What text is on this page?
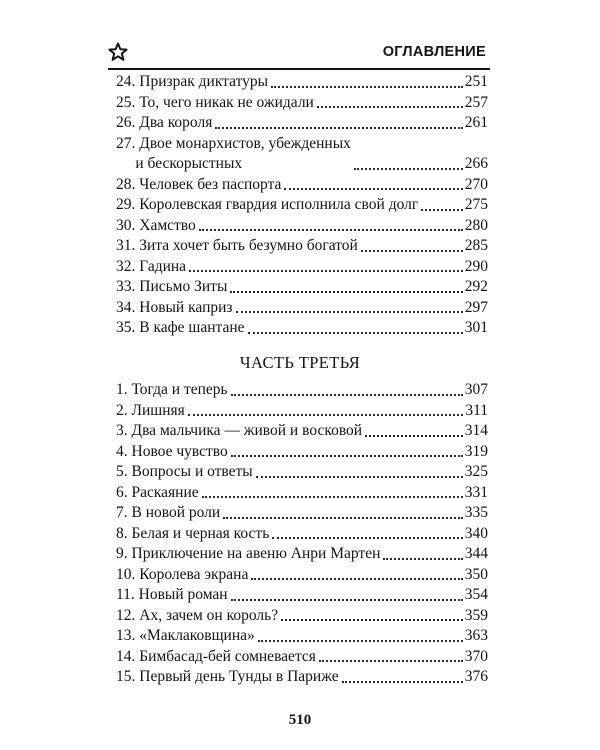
ОГЛАВЛЕНИЕ
24. Призрак диктатуры	251
25. То, чего никак не ожидали	257
26. Два короля	261
27. Двое монархистов, убежденных
и бескорыстных	266
28. Человек без паспорта	270
29. Королевская гвардия исполнила свой долг	275
30. Хамство	280
31. Зита хочет быть безумно богатой	285
32. Гадина	290
33. Письмо Зиты	292
34. Новый каприз	297
35. В кафе шантане	301
ЧАСТЬ ТРЕТЬЯ
1. Тогда и теперь	307
2. Лишняя	311
3. Два мальчика — живой и восковой	314
4. Новое чувство	319
5. Вопросы и ответы	325
6. Раскаяние	331
7. В новой роли	335
8. Белая и черная кость	340
9. Приключение на авеню Анри Мартен	344
10. Королева экрана	350
11. Новый роман	354
12. Ах, зачем он король?	359
13. «Маклаковщина»	363
14. Бимбасад-бей сомневается	370
15. Первый день Тунды в Париже	376
510
